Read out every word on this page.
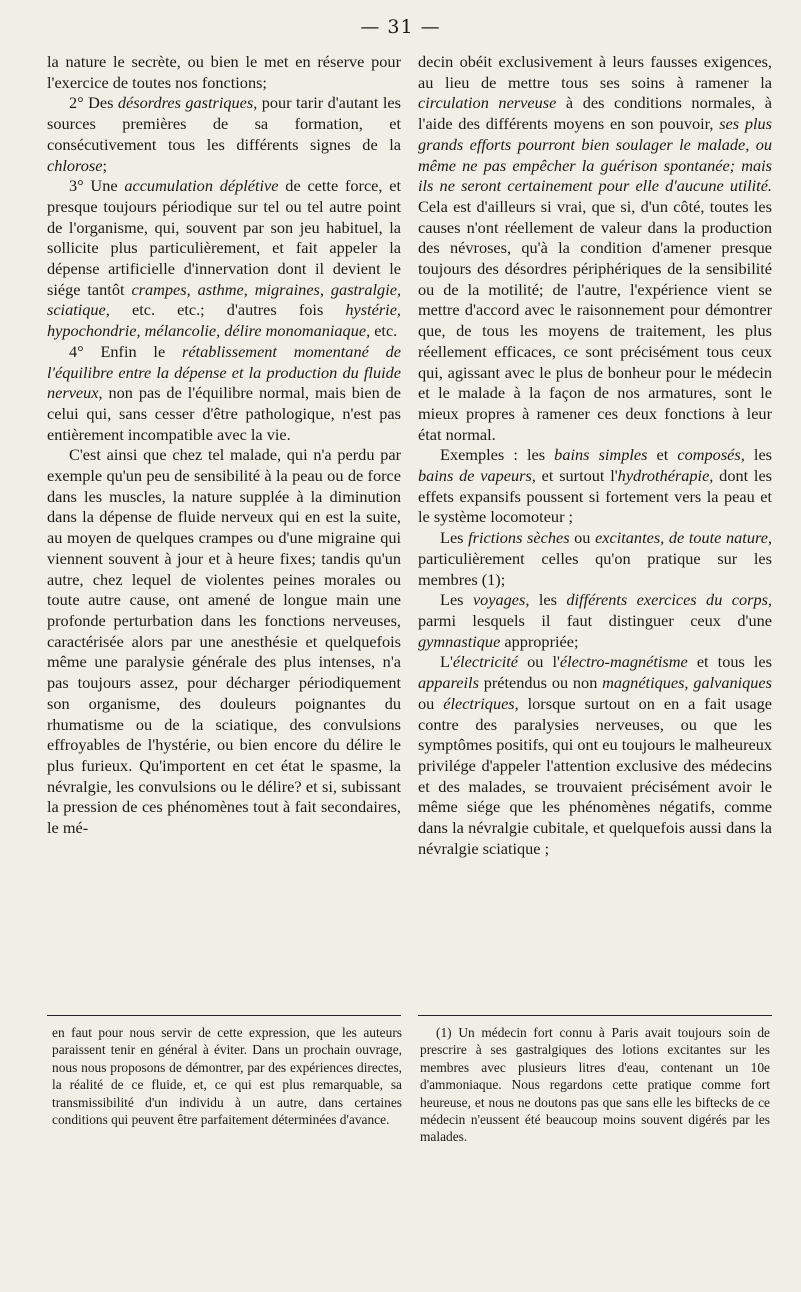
— 31 —

la nature le secrète, ou bien le met en réserve pour l'exercice de toutes nos fonctions;

2° Des désordres gastriques, pour tarir d'autant les sources premières de sa formation, et consécutivement tous les différents signes de la chlorose;

3° Une accumulation déplétive de cette force, et presque toujours périodique sur tel ou tel autre point de l'organisme, qui, souvent par son jeu habituel, la sollicite plus particulièrement, et fait appeler la dépense artificielle d'innervation dont il devient le siége tantôt crampes, asthme, migraines, gastralgie, sciatique, etc. etc.; d'autres fois hystérie, hypochondrie, mélancolie, délire monomaniaque, etc.

4° Enfin le rétablissement momentané de l'équilibre entre la dépense et la production du fluide nerveux, non pas de l'équilibre normal, mais bien de celui qui, sans cesser d'être pathologique, n'est pas entièrement incompatible avec la vie.

C'est ainsi que chez tel malade, qui n'a perdu par exemple qu'un peu de sensibilité à la peau ou de force dans les muscles, la nature supplée à la diminution dans la dépense de fluide nerveux qui en est la suite, au moyen de quelques crampes ou d'une migraine qui viennent souvent à jour et à heure fixes; tandis qu'un autre, chez lequel de violentes peines morales ou toute autre cause, ont amené de longue main une profonde perturbation dans les fonctions nerveuses, caractérisée alors par une anesthésie et quelquefois même une paralysie générale des plus intenses, n'a pas toujours assez, pour décharger périodiquement son organisme, des douleurs poignantes du rhumatisme ou de la sciatique, des convulsions effroyables de l'hystérie, ou bien encore du délire le plus furieux. Qu'importent en cet état le spasme, la névralgie, les convulsions ou le délire? et si, subissant la pression de ces phénomènes tout à fait secondaires, le mé-

decin obéit exclusivement à leurs fausses exigences, au lieu de mettre tous ses soins à ramener la circulation nerveuse à des conditions normales, à l'aide des différents moyens en son pouvoir, ses plus grands efforts pourront bien soulager le malade, ou même ne pas empêcher la guérison spontanée; mais ils ne seront certainement pour elle d'aucune utilité. Cela est d'ailleurs si vrai, que si, d'un côté, toutes les causes n'ont réellement de valeur dans la production des névroses, qu'à la condition d'amener presque toujours des désordres périphériques de la sensibilité ou de la motilité; de l'autre, l'expérience vient se mettre d'accord avec le raisonnement pour démontrer que, de tous les moyens de traitement, les plus réellement efficaces, ce sont précisément tous ceux qui, agissant avec le plus de bonheur pour le médecin et le malade à la façon de nos armatures, sont le mieux propres à ramener ces deux fonctions à leur état normal.

Exemples : les bains simples et composés, les bains de vapeurs, et surtout l'hydrothérapie, dont les effets expansifs poussent si fortement vers la peau et le système locomoteur ;

Les frictions sèches ou excitantes, de toute nature, particulièrement celles qu'on pratique sur les membres (1);

Les voyages, les différents exercices du corps, parmi lesquels il faut distinguer ceux d'une gymnastique appropriée;

L'électricité ou l'électro-magnétisme et tous les appareils prétendus ou non magnétiques, galvaniques ou électriques, lorsque surtout on en a fait usage contre des paralysies nerveuses, ou que les symptômes positifs, qui ont eu toujours le malheureux privilége d'appeler l'attention exclusive des médecins et des malades, se trouvaient précisément avoir le même siége que les phénomènes négatifs, comme dans la névralgie cubitale, et quelquefois aussi dans la névralgie sciatique ;

en faut pour nous servir de cette expression, que les auteurs paraissent tenir en général à éviter. Dans un prochain ouvrage, nous nous proposons de démontrer, par des expériences directes, la réalité de ce fluide, et, ce qui est plus remarquable, sa transmissibilité d'un individu à un autre, dans certaines conditions qui peuvent être parfaitement déterminées d'avance.

(1) Un médecin fort connu à Paris avait toujours soin de prescrire à ses gastralgiques des lotions excitantes sur les membres avec plusieurs litres d'eau, contenant un 10e d'ammoniaque. Nous regardons cette pratique comme fort heureuse, et nous ne doutons pas que sans elle les biftecks de ce médecin n'eussent été beaucoup moins souvent digérés par les malades.
